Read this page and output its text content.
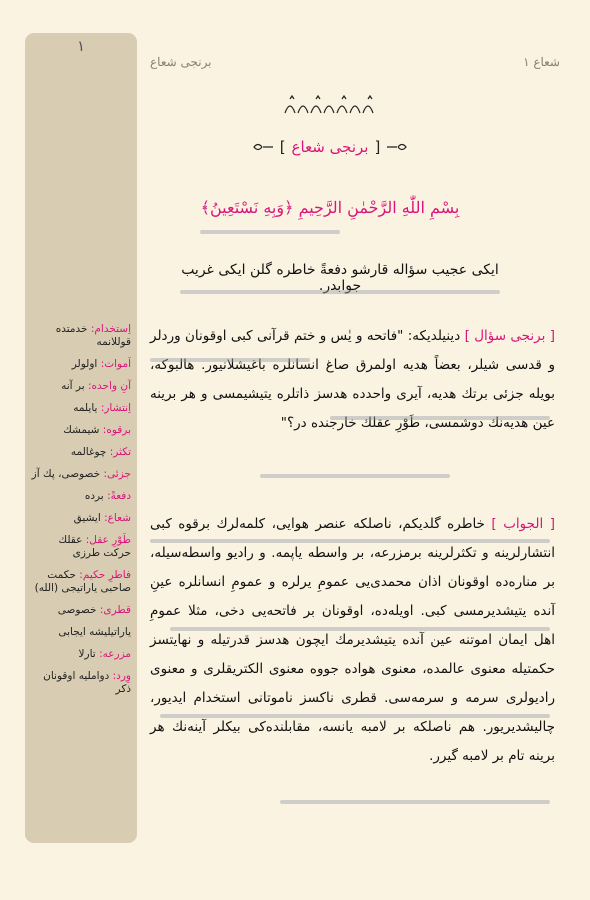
١
اِستخدام: خدمتده قوللانمه
اَموات: اولولر
آنِ واحده: بر آنه
اِنتشار: يايلمه
برقوه: شيمشك
تكثر: چوغالمه
جزئی: خصوصی، پك آز
دفعةً: برده
شعاع: ايشيق
طَوْرِ عقل: عقلك حركت طرزی
فاطرِ حكيم: حكمت صاحبی ياراتيجی (الله)
قطری: خصوصی
ياراتيليشه ايجابی
مزرعه: تارلا
وِرد: دوامليه اوقونان ذكر
برنجی شعاع	شعاع ١
[
برنجی شعاع
]
بِسْمِ اللّٰهِ الرَّحْمٰنِ الرَّحِيمِ ﴿وَبِهِ نَسْتَعِينُ﴾
ايكی عجيب سؤاله قارشو دفعةً خاطره گلن ايكی غريب جوابدر.
[ برنجی سؤال ] دينيلديكه: "فاتحه و يٰس و ختم قرآنی كبی اوقونان وردلر و قدسی شيلر، بعضاً هديه اولمرق صاغ انسانلره باغيشلانيور. هالبوكه، بويله جزئی برتك هديه، آيری واحدده هدسز ذاتلره يتيشيمسی و هر برينه عين هديه‌نك دوشمسی، طَوْرِ عقلك خارجنده در؟"
[ الجواب ] خاطره گلديكم، ناصلكه عنصر هوايی، كلمه‌لرك برقوه كبی انتشارلرينه و تكثرلرينه برمزرعه، بر واسطه ياپمه. و راديو واسطه‌سيله، بر مناره‌ده اوقونان اذان محمدی‌يی عمومِ يرلره و عمومِ انسانلره عينِ آنده يتيشديرمسی كبی. اويله‌ده، اوقونان بر فاتحه‌يی دخی، مثلا عمومِ اهل ايمان اموتنه عين آنده يتيشديرمك ايچون هدسز قدرتيله و نهايتسز حكمتيله معنوی عالمده، معنوی هواده جووه معنوی الكتريقلری و معنوی راديولری سرمه و سرمه‌سی. قطری ناكسز ناموتانی استخدام ايديور، چاليشديريور. هم ناصلكه بر لامبه يانسه، مقابلنده‌كی بيكلر آينه‌نك هر برينه تام بر لامبه گيرر.
